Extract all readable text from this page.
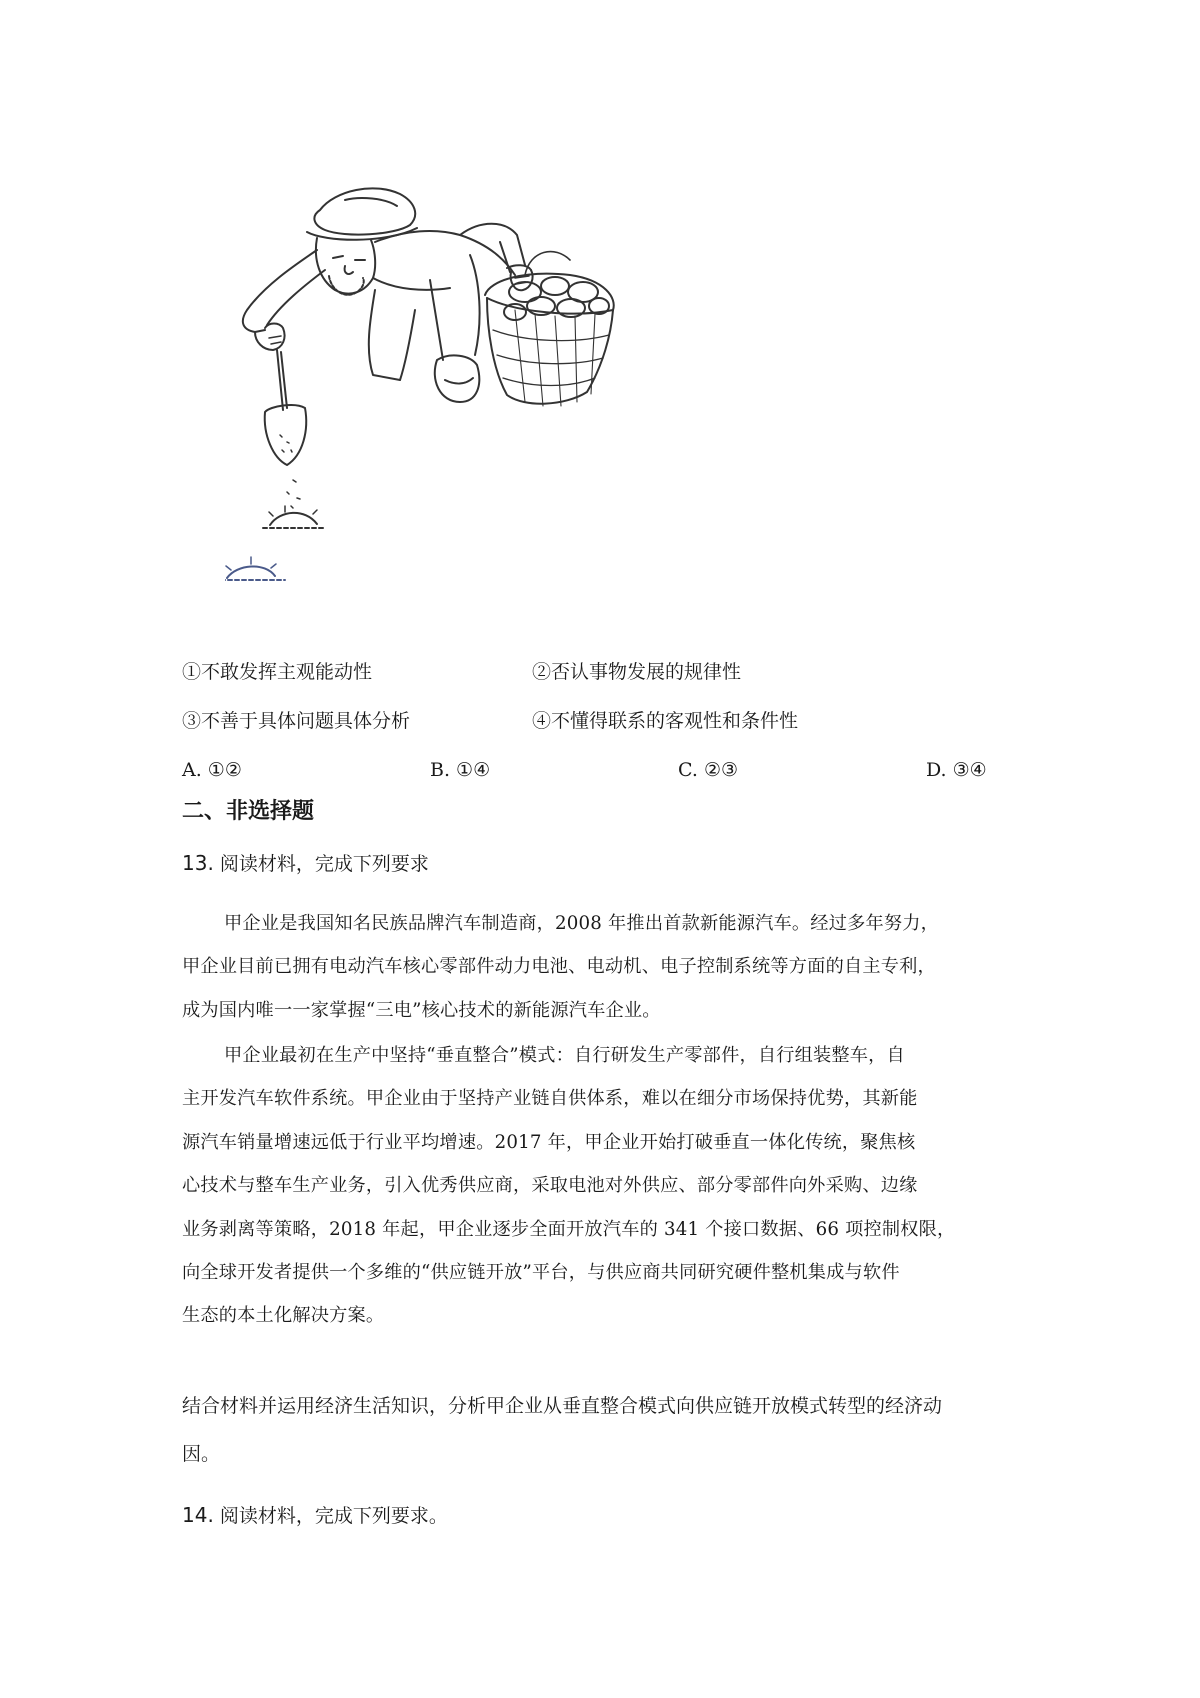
①不敢发挥主观能动性	②否认事物发展的规律性
③不善于具体问题具体分析	④不懂得联系的客观性和条件性
A. ①②	B. ①④	C. ②③	D. ③④
二、非选择题
13. 阅读材料，完成下列要求
甲企业是我国知名民族品牌汽车制造商，2008 年推出首款新能源汽车。经过多年努力，
甲企业目前已拥有电动汽车核心零部件动力电池、电动机、电子控制系统等方面的自主专利，
成为国内唯一一家掌握“三电”核心技术的新能源汽车企业。
甲企业最初在生产中坚持“垂直整合”模式：自行研发生产零部件，自行组装整车，自
主开发汽车软件系统。甲企业由于坚持产业链自供体系，难以在细分市场保持优势，其新能
源汽车销量增速远低于行业平均增速。2017 年，甲企业开始打破垂直一体化传统，聚焦核
心技术与整车生产业务，引入优秀供应商，采取电池对外供应、部分零部件向外采购、边缘
业务剥离等策略，2018 年起，甲企业逐步全面开放汽车的 341 个接口数据、66 项控制权限，
向全球开发者提供一个多维的“供应链开放”平台，与供应商共同研究硬件整机集成与软件
生态的本土化解决方案。
结合材料并运用经济生活知识，分析甲企业从垂直整合模式向供应链开放模式转型的经济动
因。
14. 阅读材料，完成下列要求。
